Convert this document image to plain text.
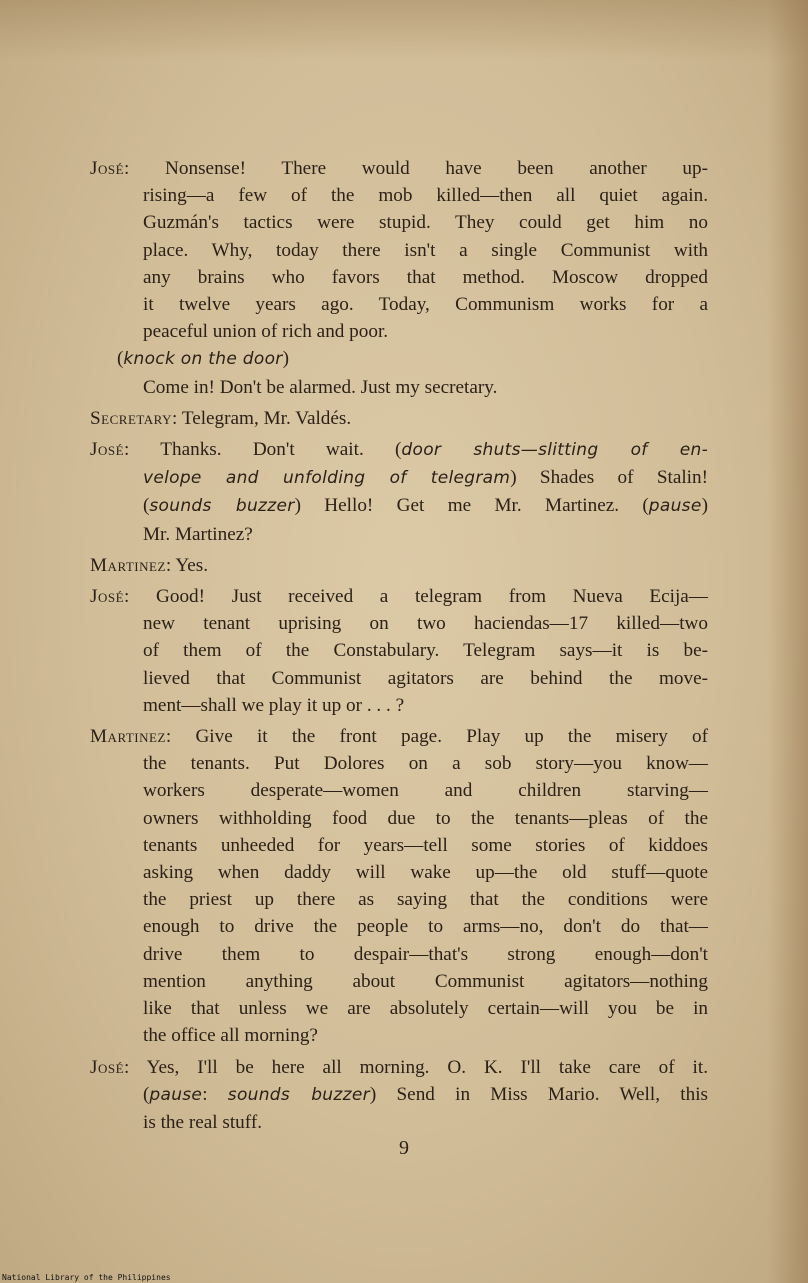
José: Nonsense! There would have been another up-
rising—a few of the mob killed—then all quiet again.
Guzmán's tactics were stupid. They could get him no
place. Why, today there isn't a single Communist with
any brains who favors that method. Moscow dropped
it twelve years ago. Today, Communism works for a
peaceful union of rich and poor.
(knock on the door)
Come in! Don't be alarmed. Just my secretary.
Secretary: Telegram, Mr. Valdés.
José: Thanks. Don't wait. (door shuts—slitting of en-
velope and unfolding of telegram) Shades of Stalin!
(sounds buzzer) Hello! Get me Mr. Martinez. (pause)
Mr. Martinez?
Martinez: Yes.
José: Good! Just received a telegram from Nueva Ecija—
new tenant uprising on two haciendas—17 killed—two
of them of the Constabulary. Telegram says—it is be-
lieved that Communist agitators are behind the move-
ment—shall we play it up or . . . ?
Martinez: Give it the front page. Play up the misery of
the tenants. Put Dolores on a sob story—you know—
workers desperate—women and children starving—
owners withholding food due to the tenants—pleas of the
tenants unheeded for years—tell some stories of kiddoes
asking when daddy will wake up—the old stuff—quote
the priest up there as saying that the conditions were
enough to drive the people to arms—no, don't do that—
drive them to despair—that's strong enough—don't
mention anything about Communist agitators—nothing
like that unless we are absolutely certain—will you be in
the office all morning?
José: Yes, I'll be here all morning. O. K. I'll take care of it.
(pause: sounds buzzer) Send in Miss Mario. Well, this
is the real stuff.
9
National Library of the Philippines
